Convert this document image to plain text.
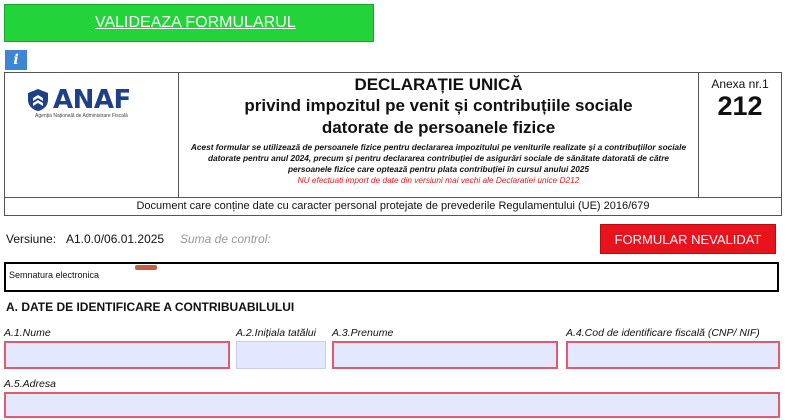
VALIDEAZA FORMULARUL
i
ANAF
Agenția Națională de Administrare Fiscală
DECLARAȚIE UNICĂ
privind impozitul pe venit și contribuțiile sociale
datorate de persoanele fizice
Acest formular se utilizează de persoanele fizice pentru declararea impozitului pe veniturile realizate și a contribuțiilor sociale datorate pentru anul 2024, precum și pentru declararea contribuției de asigurări sociale de sănătate datorată de către persoanele fizice care optează pentru plata contribuției în cursul anului 2025
NU efectuati import de date din versiuni mai vechi ale Declaratiei unice D212
Anexa nr.1
212
Document care conține date cu caracter personal protejate de prevederile Regulamentului (UE) 2016/679
Versiune: A1.0.0/06.01.2025 Suma de control:	FORMULAR NEVALIDAT
Semnatura electronica
A. DATE DE IDENTIFICARE A CONTRIBUABILULUI
A.1.Nume	A.2.Inițiala tatălui A.3.Prenume	A.4.Cod de identificare fiscală (CNP/ NIF)
A.5.Adresa
